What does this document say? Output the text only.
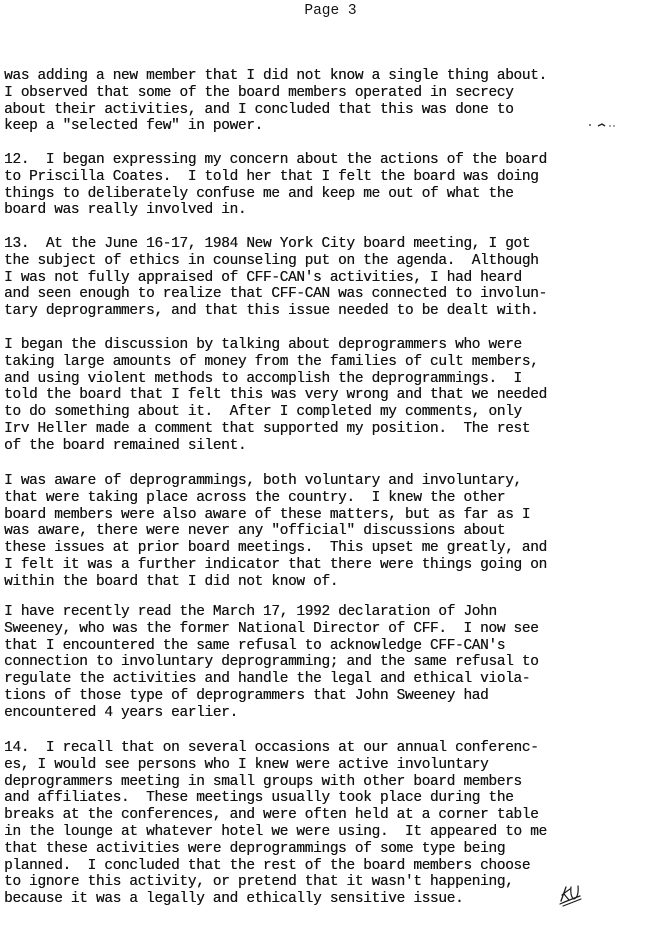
Page 3
was adding a new member that I did not know a single thing about.
I observed that some of the board members operated in secrecy
about their activities, and I concluded that this was done to
keep a "selected few" in power.
12.  I began expressing my concern about the actions of the board
to Priscilla Coates.  I told her that I felt the board was doing
things to deliberately confuse me and keep me out of what the
board was really involved in.
13.  At the June 16-17, 1984 New York City board meeting, I got
the subject of ethics in counseling put on the agenda.  Although
I was not fully appraised of CFF-CAN's activities, I had heard
and seen enough to realize that CFF-CAN was connected to involun-
tary deprogrammers, and that this issue needed to be dealt with.
I began the discussion by talking about deprogrammers who were
taking large amounts of money from the families of cult members,
and using violent methods to accomplish the deprogrammings.  I
told the board that I felt this was very wrong and that we needed
to do something about it.  After I completed my comments, only
Irv Heller made a comment that supported my position.  The rest
of the board remained silent.
I was aware of deprogrammings, both voluntary and involuntary,
that were taking place across the country.  I knew the other
board members were also aware of these matters, but as far as I
was aware, there were never any "official" discussions about
these issues at prior board meetings.  This upset me greatly, and
I felt it was a further indicator that there were things going on
within the board that I did not know of.
I have recently read the March 17, 1992 declaration of John
Sweeney, who was the former National Director of CFF.  I now see
that I encountered the same refusal to acknowledge CFF-CAN's
connection to involuntary deprogramming; and the same refusal to
regulate the activities and handle the legal and ethical viola-
tions of those type of deprogrammers that John Sweeney had
encountered 4 years earlier.
14.  I recall that on several occasions at our annual conferenc-
es, I would see persons who I knew were active involuntary
deprogrammers meeting in small groups with other board members
and affiliates.  These meetings usually took place during the
breaks at the conferences, and were often held at a corner table
in the lounge at whatever hotel we were using.  It appeared to me
that these activities were deprogrammings of some type being
planned.  I concluded that the rest of the board members choose
to ignore this activity, or pretend that it wasn't happening,
because it was a legally and ethically sensitive issue.
